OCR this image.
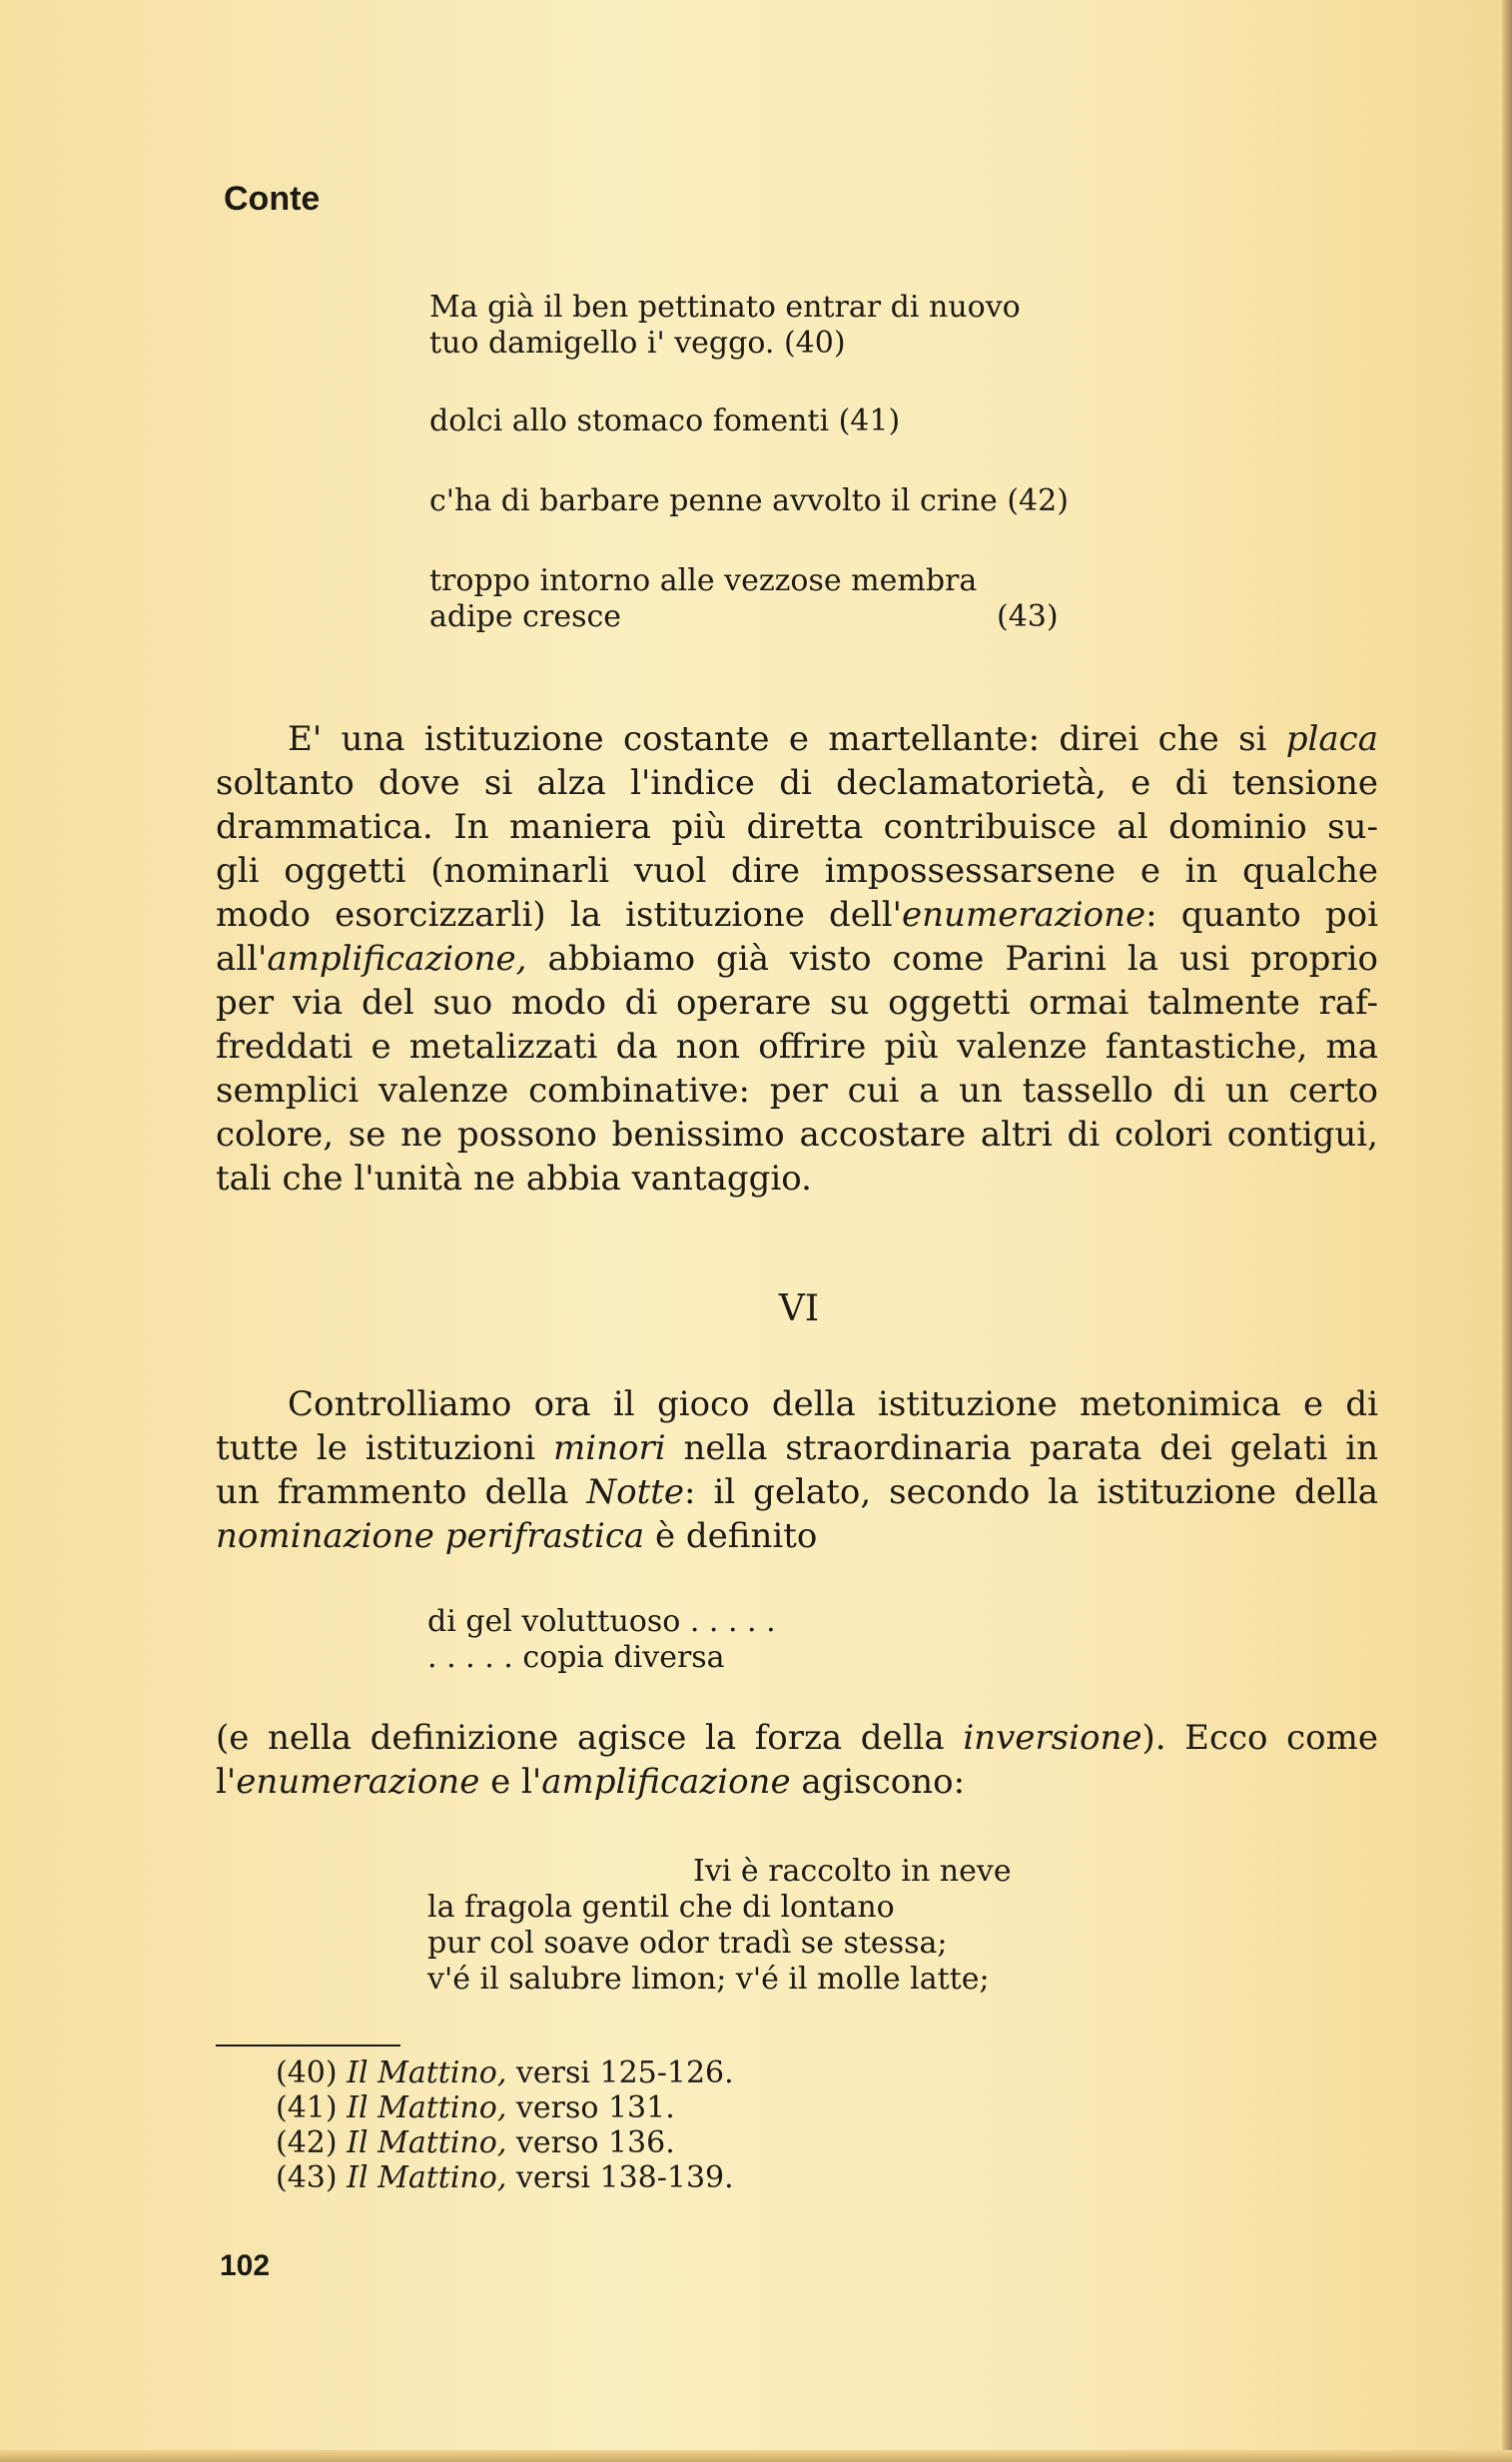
Conte
Ma già il ben pettinato entrar di nuovo
tuo damigello i' veggo. (40)
dolci allo stomaco fomenti (41)
c'ha di barbare penne avvolto il crine (42)
troppo intorno alle vezzose membra
adipe cresce	(43)
E' una istituzione costante e martellante: direi che si placa
soltanto dove si alza l'indice di declamatorietà, e di tensione
drammatica. In maniera più diretta contribuisce al dominio su-
gli oggetti (nominarli vuol dire impossessarsene e in qualche
modo esorcizzarli) la istituzione dell'enumerazione: quanto poi
all'amplificazione, abbiamo già visto come Parini la usi proprio
per via del suo modo di operare su oggetti ormai talmente raf-
freddati e metalizzati da non offrire più valenze fantastiche, ma
semplici valenze combinative: per cui a un tassello di un certo
colore, se ne possono benissimo accostare altri di colori contigui,
tali che l'unità ne abbia vantaggio.
VI
Controlliamo ora il gioco della istituzione metonimica e di
tutte le istituzioni minori nella straordinaria parata dei gelati in
un frammento della Notte: il gelato, secondo la istituzione della
nominazione perifrastica è definito
di gel voluttuoso . . . . .
. . . . . copia diversa
(e nella definizione agisce la forza della inversione). Ecco come
l'enumerazione e l'amplificazione agiscono:
Ivi è raccolto in neve
la fragola gentil che di lontano
pur col soave odor tradì se stessa;
v'é il salubre limon; v'é il molle latte;
(40) Il Mattino, versi 125-126.
(41) Il Mattino, verso 131.
(42) Il Mattino, verso 136.
(43) Il Mattino, versi 138-139.
102
